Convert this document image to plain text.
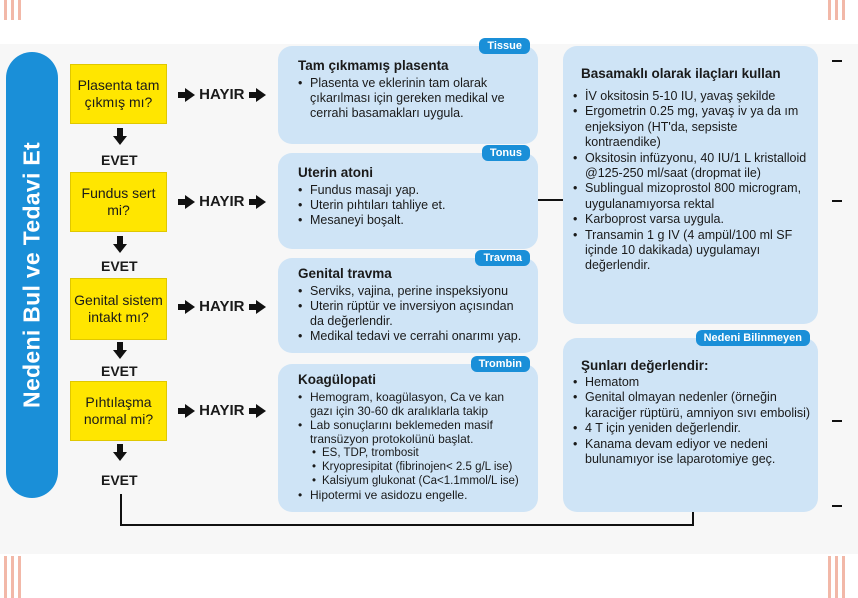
Nedeni Bul ve Tedavi Et
Plasenta tam çıkmış mı?
Fundus sert mi?
Genital sistem intakt mı?
Pıhtılaşma normal mi?
HAYIR
HAYIR
HAYIR
HAYIR
EVET
EVET
EVET
EVET
Tissue
Tam çıkmamış plasenta
• Plasenta ve eklerinin tam olarak çıkarılması için gereken medikal ve cerrahi basamakları uygula.
Tonus
Uterin atoni
• Fundus masajı yap.
• Uterin pıhtıları tahliye et.
• Mesaneyi boşalt.
Travma
Genital travma
• Serviks, vajina, perine inspeksiyonu
• Uterin rüptür ve inversiyon açısından da değerlendir.
• Medikal tedavi ve cerrahi onarımı yap.
Trombin
Koagülopati
• Hemogram, koagülasyon, Ca ve kan gazı için 30-60 dk aralıklarla takip
• Lab sonuçlarını beklemeden masif transüzyon protokolünü başlat.
• ES, TDP, trombosit
• Kryopresipitat (fibrinojen< 2.5 g/L ise)
• Kalsiyum glukonat (Ca<1.1mmol/L ise)
• Hipotermi ve asidozu engelle.
Basamaklı olarak ilaçları kullan
• İV oksitosin 5-10 IU, yavaş şekilde
• Ergometrin 0.25 mg, yavaş iv ya da ım enjeksiyon (HT'da, sepsiste kontraendike)
• Oksitosin infüzyonu, 40 IU/1 L kristalloid @125-250 ml/saat (dropmat ile)
• Sublingual mizoprostol 800 microgram, uygulanamıyorsa rektal
• Karboprost varsa uygula.
• Transamin 1 g IV (4 ampül/100 ml SF içinde 10 dakikada) uygulamayı değerlendir.
Nedeni Bilinmeyen
Şunları değerlendir:
• Hematom
• Genital olmayan nedenler (örneğin karaciğer rüptürü, amniyon sıvı embolisi)
• 4 T için yeniden değerlendir.
• Kanama devam ediyor ve nedeni bulunamıyor ise laparotomiye geç.
